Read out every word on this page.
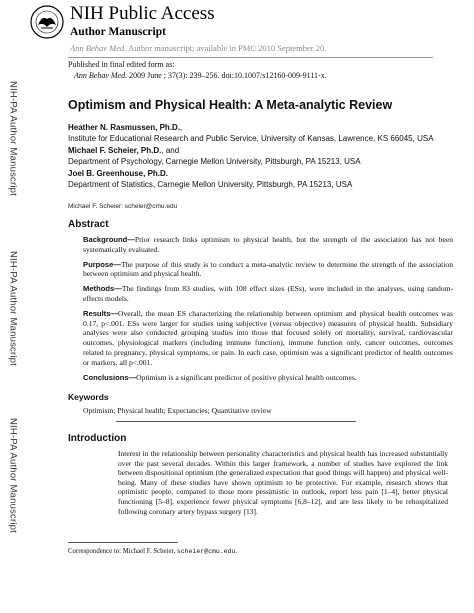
NIH Public Access
Author Manuscript
Ann Behav Med. Author manuscript; available in PMC 2010 September 20.
NIH-PA Author Manuscript
NIH-PA Author Manuscript
NIH-PA Author Manuscript
Published in final edited form as:
Ann Behav Med. 2009 June ; 37(3): 239–256. doi:10.1007/s12160-009-9111-x.
Optimism and Physical Health: A Meta-analytic Review
Heather N. Rasmussen, Ph.D.,
Institute for Educational Research and Public Service, University of Kansas, Lawrence, KS 66045, USA
Michael F. Scheier, Ph.D., and
Department of Psychology, Carnegie Mellon University, Pittsburgh, PA 15213, USA
Joel B. Greenhouse, Ph.D.
Department of Statistics, Carnegie Mellon University, Pittsburgh, PA 15213, USA
Michael F. Scheier: scheier@cmu.edu
Abstract

Background—Prior research links optimism to physical health, but the strength of the association has not been systematically evaluated.

Purpose—The purpose of this study is to conduct a meta-analytic review to determine the strength of the association between optimism and physical health.

Methods—The findings from 83 studies, with 108 effect sizes (ESs), were included in the analyses, using random-effects models.

Results—Overall, the mean ES characterizing the relationship between optimism and physical health outcomes was 0.17, p<.001. ESs were larger for studies using subjective (versus objective) measures of physical health. Subsidiary analyses were also conducted grouping studies into those that focused solely on mortality, survival, cardiovascular outcomes, physiological markers (including immune function), immune function only, cancer outcomes, outcomes related to pregnancy, physical symptoms, or pain. In each case, optimism was a significant predictor of health outcomes or markers, all p<.001.

Conclusions—Optimism is a significant predictor of positive physical health outcomes.

Keywords
Optimism; Physical health; Expectancies; Quantitative review
Introduction
Interest in the relationship between personality characteristics and physical health has increased substantially over the past several decades. Within this larger framework, a number of studies have explored the link between dispositional optimism (the generalized expectation that good things will happen) and physical well-being. Many of these studies have shown optimism to be protective. For example, research shows that optimistic people, compared to those more pessimistic in outlook, report less pain [1–4], better physical functioning [5–8], experience fewer physical symptoms [6,8–12], and are less likely to be rehospitalized following coronary artery bypass surgery [13].
Correspondence to: Michael F. Scheier, scheier@cmu.edu.
